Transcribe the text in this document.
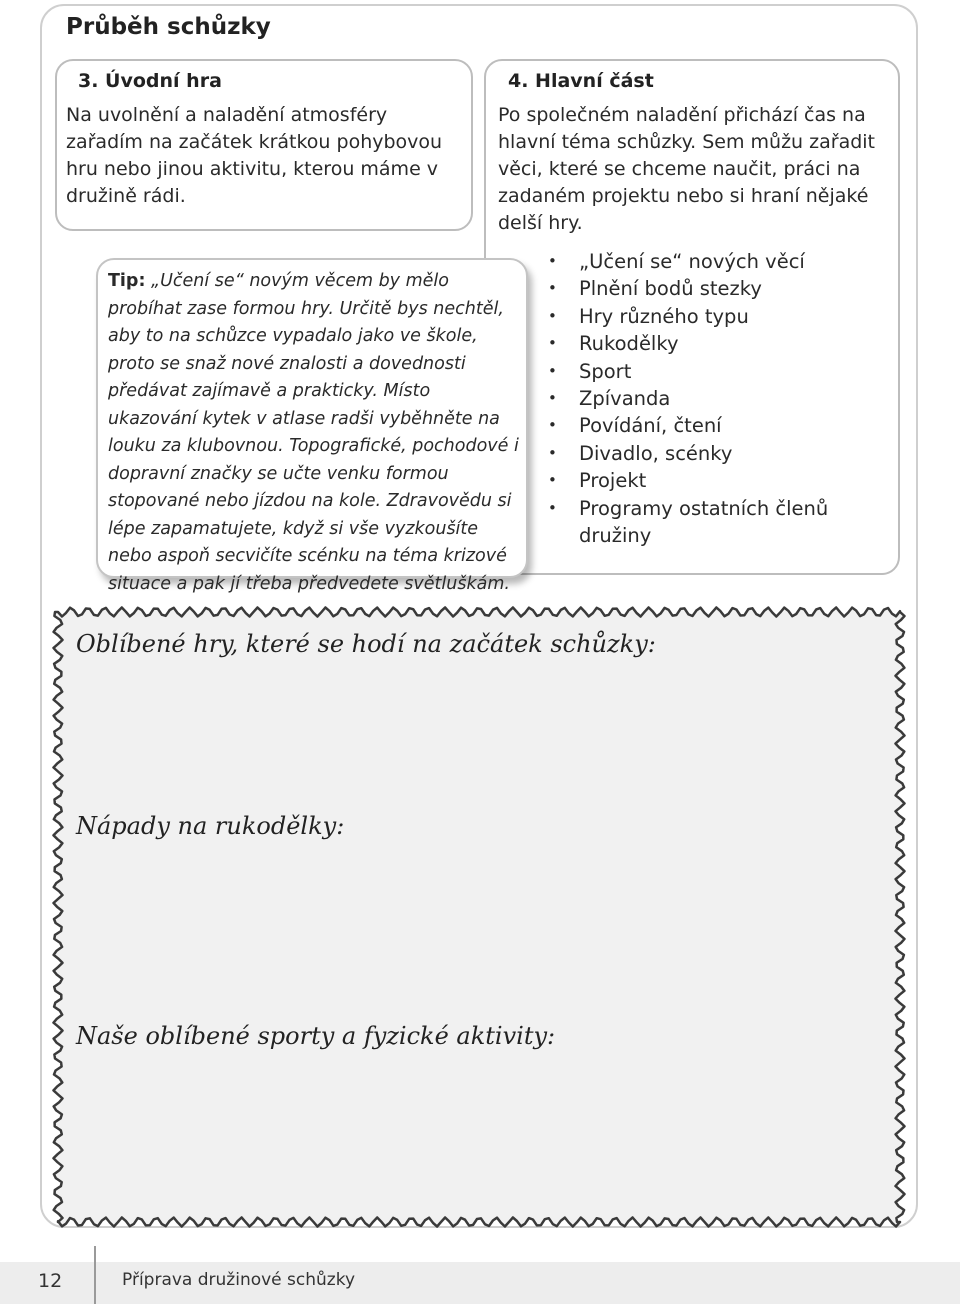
Průběh schůzky
3. Úvodní hra

Na uvolnění a naladění atmosféry zařadím na začátek krátkou pohybovou hru nebo jinou aktivitu, kterou máme v družině rádi.

4. Hlavní část

Po společném naladění přichází čas na hlavní téma schůzky. Sem můžu zařadit věci, které se chceme naučit, práci na zadaném projektu nebo si hraní nějaké delší hry.

• „Učení se“ nových věcí
• Plnění bodů stezky
• Hry různého typu
• Rukodělky
• Sport
• Zpívanda
• Povídání, čtení
• Divadlo, scénky
• Projekt
• Programy ostatních členů družiny

Tip: „Učení se“ novým věcem by mělo probíhat zase formou hry. Určitě bys nechtěl, aby to na schůzce vypadalo jako ve škole, proto se snaž nové znalosti a dovednosti předávat zajímavě a prakticky. Místo ukazování kytek v atlase radši vyběhněte na louku za klubovnou. Topografické, pochodové i dopravní značky se učte venku formou stopované nebo jízdou na kole. Zdravovědu si lépe zapamatujete, když si vše vyzkoušíte nebo aspoň secvičíte scénku na téma krizové situace a pak jí třeba předvedete světluškám.

Oblíbené hry, které se hodí na začátek schůzky:
Nápady na rukodělky:
Naše oblíbené sporty a fyzické aktivity:
12	Příprava družinové schůzky
